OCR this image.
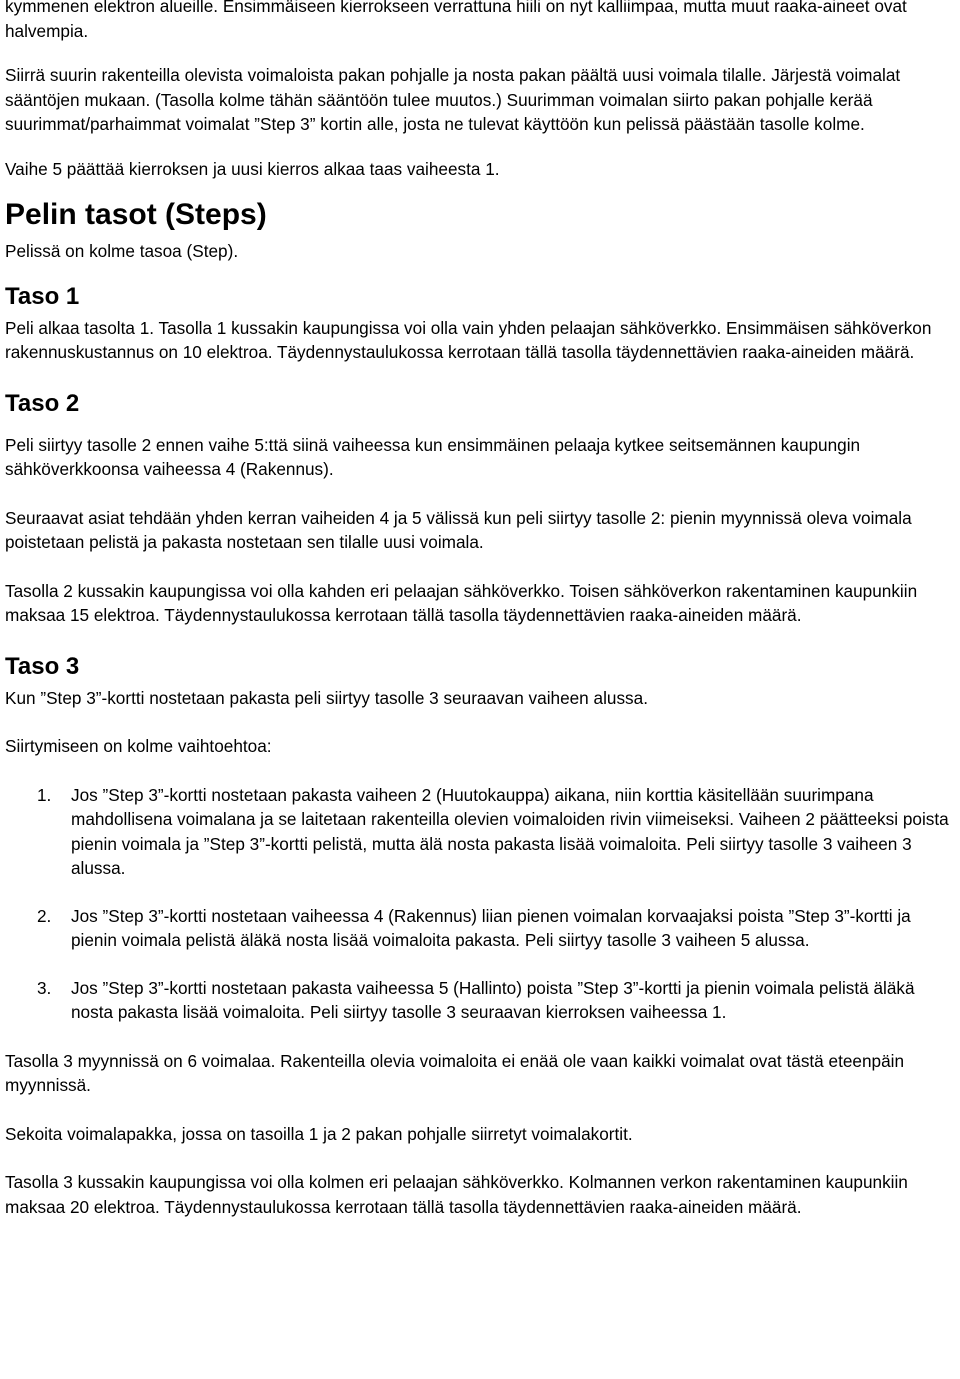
kymmenen elektron alueille. Ensimmäiseen kierrokseen verrattuna hiili on nyt kalliimpaa, mutta muut raaka-aineet ovat halvempia.

Siirrä suurin rakenteilla olevista voimaloista pakan pohjalle ja nosta pakan päältä uusi voimala tilalle. Järjestä voimalat sääntöjen mukaan. (Tasolla kolme tähän sääntöön tulee muutos.) Suurimman voimalan siirto pakan pohjalle kerää suurimmat/parhaimmat voimalat ”Step 3” kortin alle, josta ne tulevat käyttöön kun pelissä päästään tasolle kolme.

Vaihe 5 päättää kierroksen ja uusi kierros alkaa taas vaiheesta 1.

Pelin tasot (Steps)

Pelissä on kolme tasoa (Step).

Taso 1

Peli alkaa tasolta 1. Tasolla 1 kussakin kaupungissa voi olla vain yhden pelaajan sähköverkko. Ensimmäisen sähköverkon rakennuskustannus on 10 elektroa. Täydennystaulukossa kerrotaan tällä tasolla täydennettävien raaka-aineiden määrä.

Taso 2

Peli siirtyy tasolle 2 ennen vaihe 5:ttä siinä vaiheessa kun ensimmäinen pelaaja kytkee seitsemännen kaupungin sähköverkkoonsa vaiheessa 4 (Rakennus).

Seuraavat asiat tehdään yhden kerran vaiheiden 4 ja 5 välissä kun peli siirtyy tasolle 2: pienin myynnissä oleva voimala poistetaan pelistä ja pakasta nostetaan sen tilalle uusi voimala.

Tasolla 2 kussakin kaupungissa voi olla kahden eri pelaajan sähköverkko. Toisen sähköverkon rakentaminen kaupunkiin maksaa 15 elektroa. Täydennystaulukossa kerrotaan tällä tasolla täydennettävien raaka-aineiden määrä.

Taso 3

Kun ”Step 3”-kortti nostetaan pakasta peli siirtyy tasolle 3 seuraavan vaiheen alussa.

Siirtymiseen on kolme vaihtoehtoa:

1. Jos ”Step 3”-kortti nostetaan pakasta vaiheen 2 (Huutokauppa) aikana, niin korttia käsitellään suurimpana mahdollisena voimalana ja se laitetaan rakenteilla olevien voimaloiden rivin viimeiseksi. Vaiheen 2 päätteeksi poista pienin voimala ja ”Step 3”-kortti pelistä, mutta älä nosta pakasta lisää voimaloita. Peli siirtyy tasolle 3 vaiheen 3 alussa.
2. Jos ”Step 3”-kortti nostetaan vaiheessa 4 (Rakennus) liian pienen voimalan korvaajaksi poista ”Step 3”-kortti ja pienin voimala pelistä äläkä nosta lisää voimaloita pakasta. Peli siirtyy tasolle 3 vaiheen 5 alussa.
3. Jos ”Step 3”-kortti nostetaan pakasta vaiheessa 5 (Hallinto) poista ”Step 3”-kortti ja pienin voimala pelistä äläkä nosta pakasta lisää voimaloita. Peli siirtyy tasolle 3 seuraavan kierroksen vaiheessa 1.

Tasolla 3 myynnissä on 6 voimalaa. Rakenteilla olevia voimaloita ei enää ole vaan kaikki voimalat ovat tästä eteenpäin myynnissä.

Sekoita voimalapakka, jossa on tasoilla 1 ja 2 pakan pohjalle siirretyt voimalakortit.

Tasolla 3 kussakin kaupungissa voi olla kolmen eri pelaajan sähköverkko. Kolmannen verkon rakentaminen kaupunkiin maksaa 20 elektroa. Täydennystaulukossa kerrotaan tällä tasolla täydennettävien raaka-aineiden määrä.
